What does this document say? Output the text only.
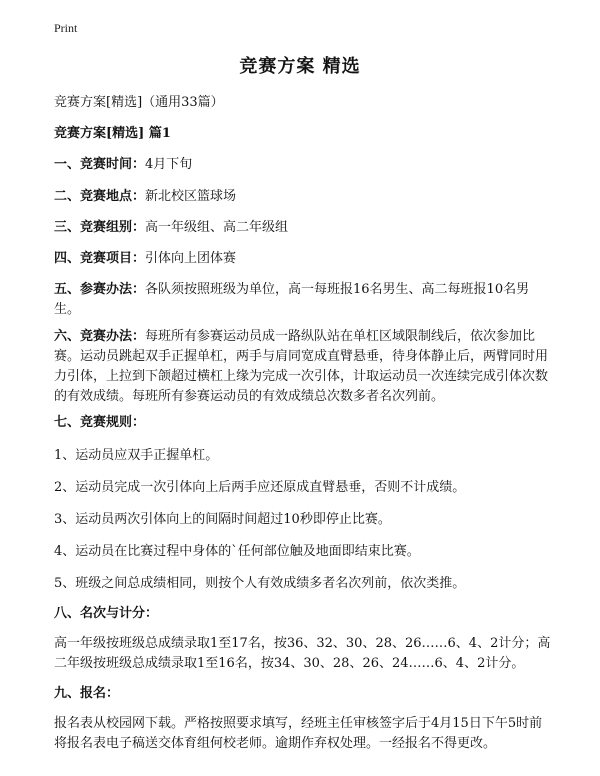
Print
竞赛方案 精选
竞赛方案[精选]（通用33篇）
竞赛方案[精选] 篇1
一、竞赛时间：4月下旬
二、竞赛地点：新北校区篮球场
三、竞赛组别：高一年级组、高二年级组
四、竞赛项目：引体向上团体赛
五、参赛办法：各队须按照班级为单位，高一每班报16名男生、高二每班报10名男生。
六、竞赛办法：每班所有参赛运动员成一路纵队站在单杠区域限制线后，依次参加比赛。运动员跳起双手正握单杠，两手与肩同宽成直臂悬垂，待身体静止后，两臂同时用力引体，上拉到下颌超过横杠上缘为完成一次引体，计取运动员一次连续完成引体次数的有效成绩。每班所有参赛运动员的有效成绩总次数多者名次列前。
七、竞赛规则：
1、运动员应双手正握单杠。
2、运动员完成一次引体向上后两手应还原成直臂悬垂，否则不计成绩。
3、运动员两次引体向上的间隔时间超过10秒即停止比赛。
4、运动员在比赛过程中身体的`任何部位触及地面即结束比赛。
5、班级之间总成绩相同，则按个人有效成绩多者名次列前，依次类推。
八、名次与计分：
高一年级按班级总成绩录取1至17名，按36、32、30、28、26……6、4、2计分；高二年级按班级总成绩录取1至16名，按34、30、28、26、24……6、4、2计分。
九、报名：
报名表从校园网下载。严格按照要求填写，经班主任审核签字后于4月15日下午5时前将报名表电子稿送交体育组何校老师。逾期作弃权处理。一经报名不得更改。
